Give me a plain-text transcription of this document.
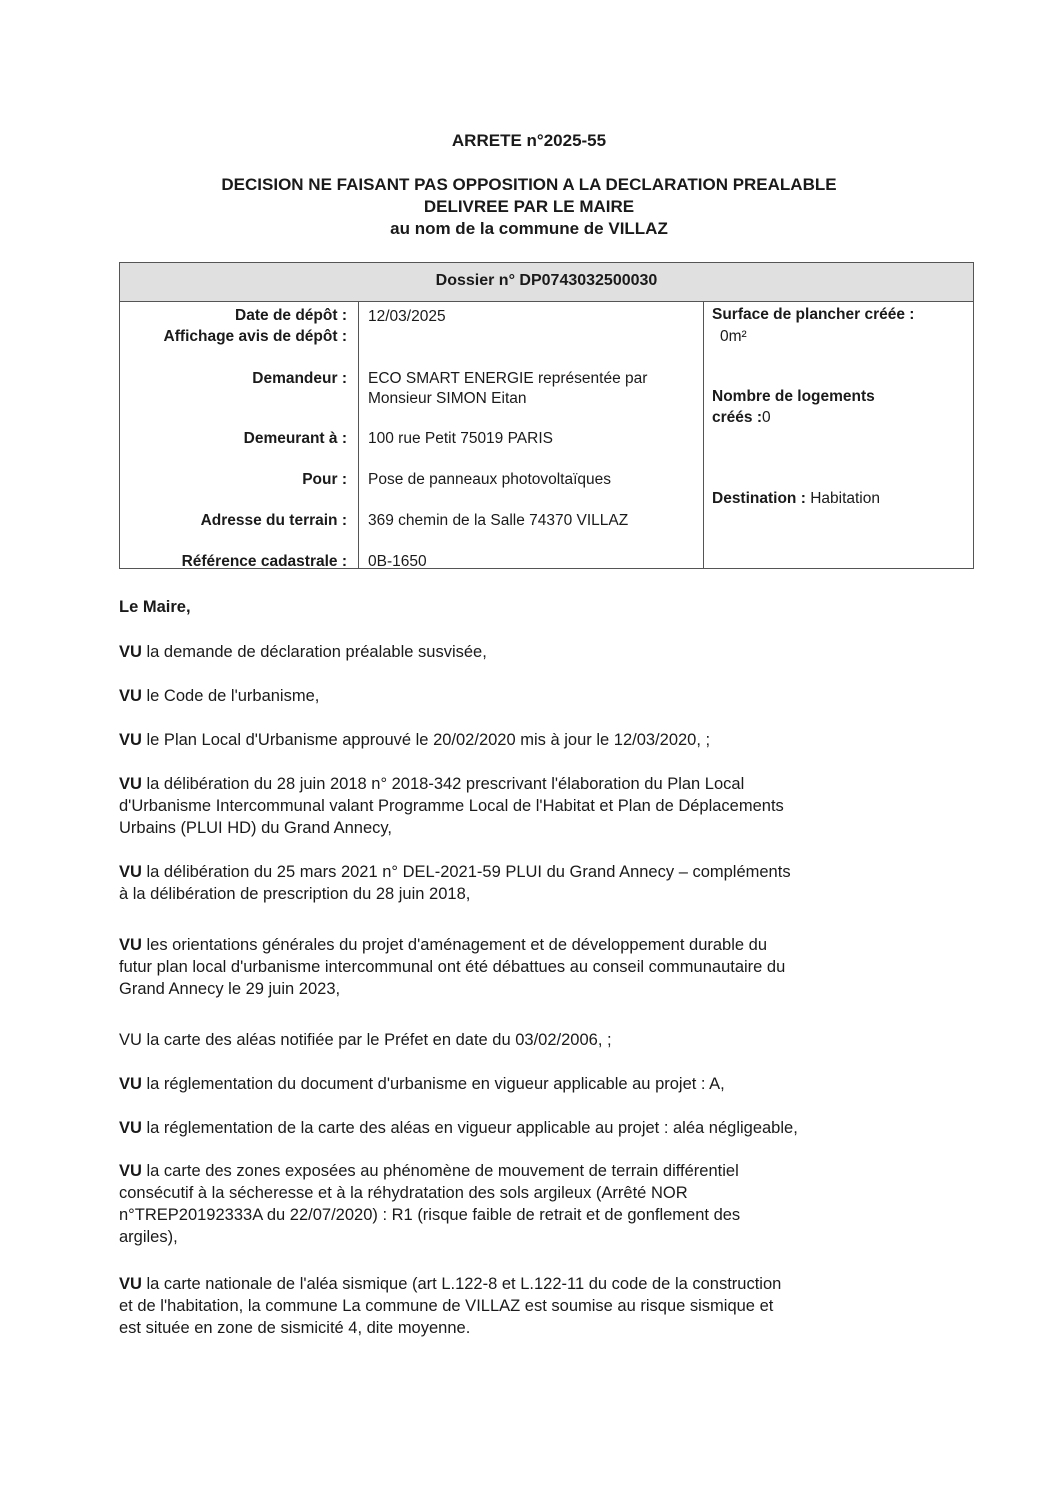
ARRETE n°2025-55
DECISION NE FAISANT PAS OPPOSITION A LA DECLARATION PREALABLE
DELIVREE PAR LE MAIRE
au nom de la commune de VILLAZ
Dossier n° DP0743032500030
Date de dépôt : 12/03/2025
Affichage avis de dépôt :
Demandeur : ECO SMART ENERGIE représentée par
Monsieur SIMON Eitan
Demeurant à : 100 rue Petit 75019 PARIS
Pour : Pose de panneaux photovoltaïques
Adresse du terrain : 369 chemin de la Salle 74370 VILLAZ
Référence cadastrale : 0B-1650
Surface de plancher créée :
0m²
Nombre de logements
créés :0
Destination : Habitation
Le Maire,
VU la demande de déclaration préalable susvisée,
VU le Code de l'urbanisme,
VU le Plan Local d'Urbanisme approuvé le 20/02/2020 mis à jour le 12/03/2020, ;
VU la délibération du 28 juin 2018 n° 2018-342 prescrivant l'élaboration du Plan Local
d'Urbanisme Intercommunal valant Programme Local de l'Habitat et Plan de Déplacements
Urbains (PLUI HD) du Grand Annecy,
VU la délibération du 25 mars 2021 n° DEL-2021-59 PLUI du Grand Annecy – compléments
à la délibération de prescription du 28 juin 2018,
VU les orientations générales du projet d'aménagement et de développement durable du
futur plan local d'urbanisme intercommunal ont été débattues au conseil communautaire du
Grand Annecy le 29 juin 2023,
VU la carte des aléas notifiée par le Préfet en date du 03/02/2006, ;
VU la réglementation du document d'urbanisme en vigueur applicable au projet : A,
VU la réglementation de la carte des aléas en vigueur applicable au projet : aléa négligeable,
VU la carte des zones exposées au phénomène de mouvement de terrain différentiel
consécutif à la sécheresse et à la réhydratation des sols argileux (Arrêté NOR
n°TREP20192333A du 22/07/2020) : R1 (risque faible de retrait et de gonflement des
argiles),
VU la carte nationale de l'aléa sismique (art L.122-8 et L.122-11 du code de la construction
et de l'habitation, la commune La commune de VILLAZ est soumise au risque sismique et
est située en zone de sismicité 4, dite moyenne.
